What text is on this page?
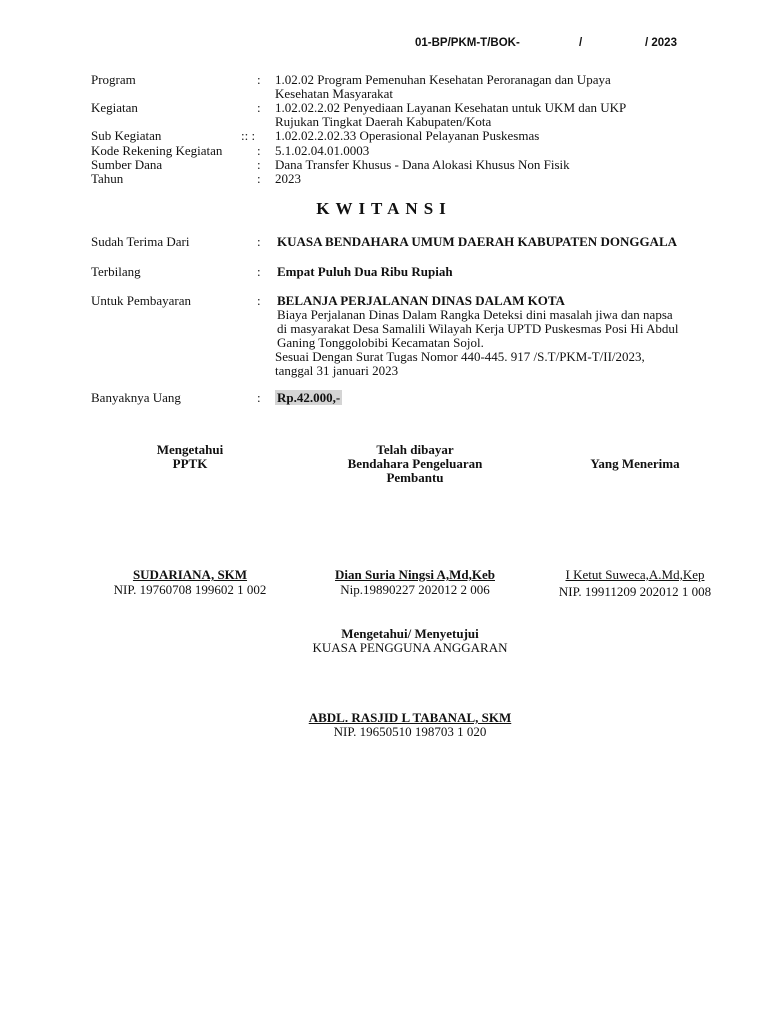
01-BP/PKM-T/BOK-	/	/ 2023
Program	: 1.02.02 Program Pemenuhan Kesehatan Peroranagan dan Upaya
Kesehatan Masyarakat
Kegiatan	: 1.02.02.2.02 Penyediaan Layanan Kesehatan untuk UKM dan UKP
Rujukan Tingkat Daerah Kabupaten/Kota
Sub Kegiatan	:: : 1.02.02.2.02.33 Operasional Pelayanan Puskesmas
Kode Rekening Kegiatan	: 5.1.02.04.01.0003
Sumber Dana	: Dana Transfer Khusus - Dana Alokasi Khusus Non Fisik
Tahun	: 2023
KWITANSI
Sudah Terima Dari	: KUASA BENDAHARA UMUM DAERAH KABUPATEN DONGGALA
Terbilang	: Empat Puluh Dua Ribu Rupiah
Untuk Pembayaran	: BELANJA PERJALANAN DINAS DALAM KOTA
Biaya Perjalanan Dinas Dalam Rangka Deteksi dini masalah jiwa dan napsa
di masyarakat Desa Samalili Wilayah Kerja UPTD Puskesmas Posi Hi Abdul
Ganing Tonggolobibi Kecamatan Sojol.
Sesuai Dengan Surat Tugas Nomor 440-445. 917 /S.T/PKM-T/II/2023,
tanggal 31 januari 2023
Banyaknya Uang	: Rp.42.000,-
Mengetahui
PPTK
SUDARIANA, SKM
NIP. 19760708 199602 1 002
Telah dibayar
Bendahara Pengeluaran
Pembantu
Dian Suria Ningsi A,Md,Keb
Nip.19890227 202012 2 006
Yang Menerima
I Ketut Suweca,A.Md,Kep
NIP. 19911209 202012 1 008
Mengetahui/ Menyetujui
KUASA PENGGUNA ANGGARAN
ABDL. RASJID L TABANAL, SKM
NIP. 19650510 198703 1 020
